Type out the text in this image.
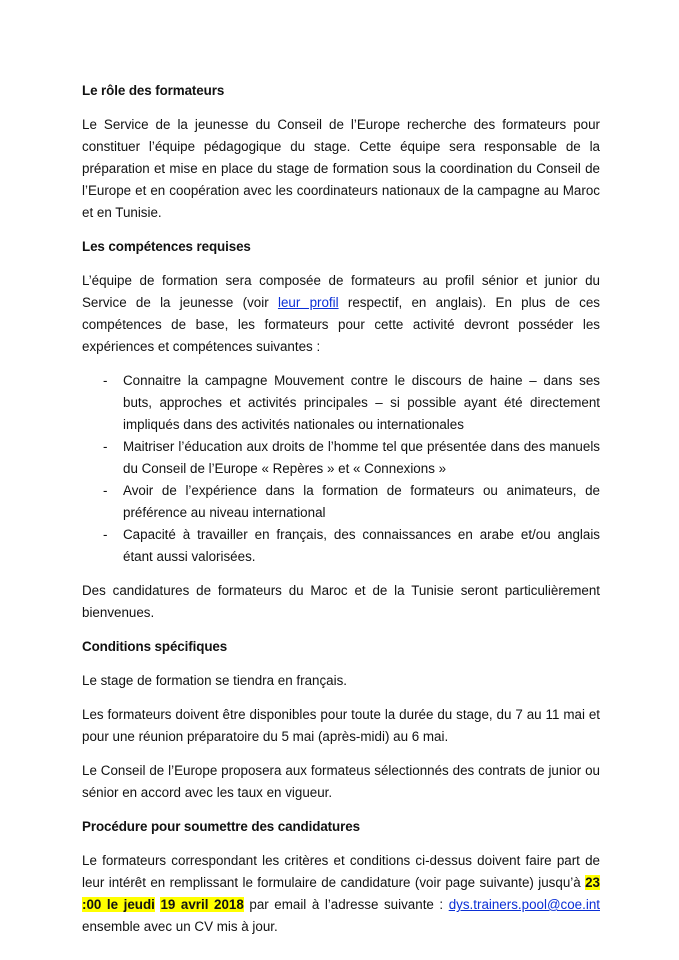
Le rôle des formateurs

Le Service de la jeunesse du Conseil de l’Europe recherche des formateurs pour constituer l’équipe pédagogique du stage. Cette équipe sera responsable de la préparation et mise en place du stage de formation sous la coordination du Conseil de l’Europe et en coopération avec les coordinateurs nationaux de la campagne au Maroc et en Tunisie.

Les compétences requises

L’équipe de formation sera composée de formateurs au profil sénior et junior du Service de la jeunesse (voir leur profil respectif, en anglais). En plus de ces compétences de base, les formateurs pour cette activité devront posséder les expériences et compétences suivantes :

- Connaitre la campagne Mouvement contre le discours de haine – dans ses buts, approches et activités principales – si possible ayant été directement impliqués dans des activités nationales ou internationales
- Maitriser l’éducation aux droits de l’homme tel que présentée dans des manuels du Conseil de l’Europe « Repères » et « Connexions »
- Avoir de l’expérience dans la formation de formateurs ou animateurs, de préférence au niveau international
- Capacité à travailler en français, des connaissances en arabe et/ou anglais étant aussi valorisées.

Des candidatures de formateurs du Maroc et de la Tunisie seront particulièrement bienvenues.

Conditions spécifiques

Le stage de formation se tiendra en français.

Les formateurs doivent être disponibles pour toute la durée du stage, du 7 au 11 mai et pour une réunion préparatoire du 5 mai (après-midi) au 6 mai.

Le Conseil de l’Europe proposera aux formateus sélectionnés des contrats de junior ou sénior en accord avec les taux en vigueur.

Procédure pour soumettre des candidatures

Le formateurs correspondant les critères et conditions ci-dessus doivent faire part de leur intérêt en remplissant le formulaire de candidature (voir page suivante) jusqu’à 23 :00 le jeudi 19 avril 2018 par email à l’adresse suivante : dys.trainers.pool@coe.int ensemble avec un CV mis à jour.
